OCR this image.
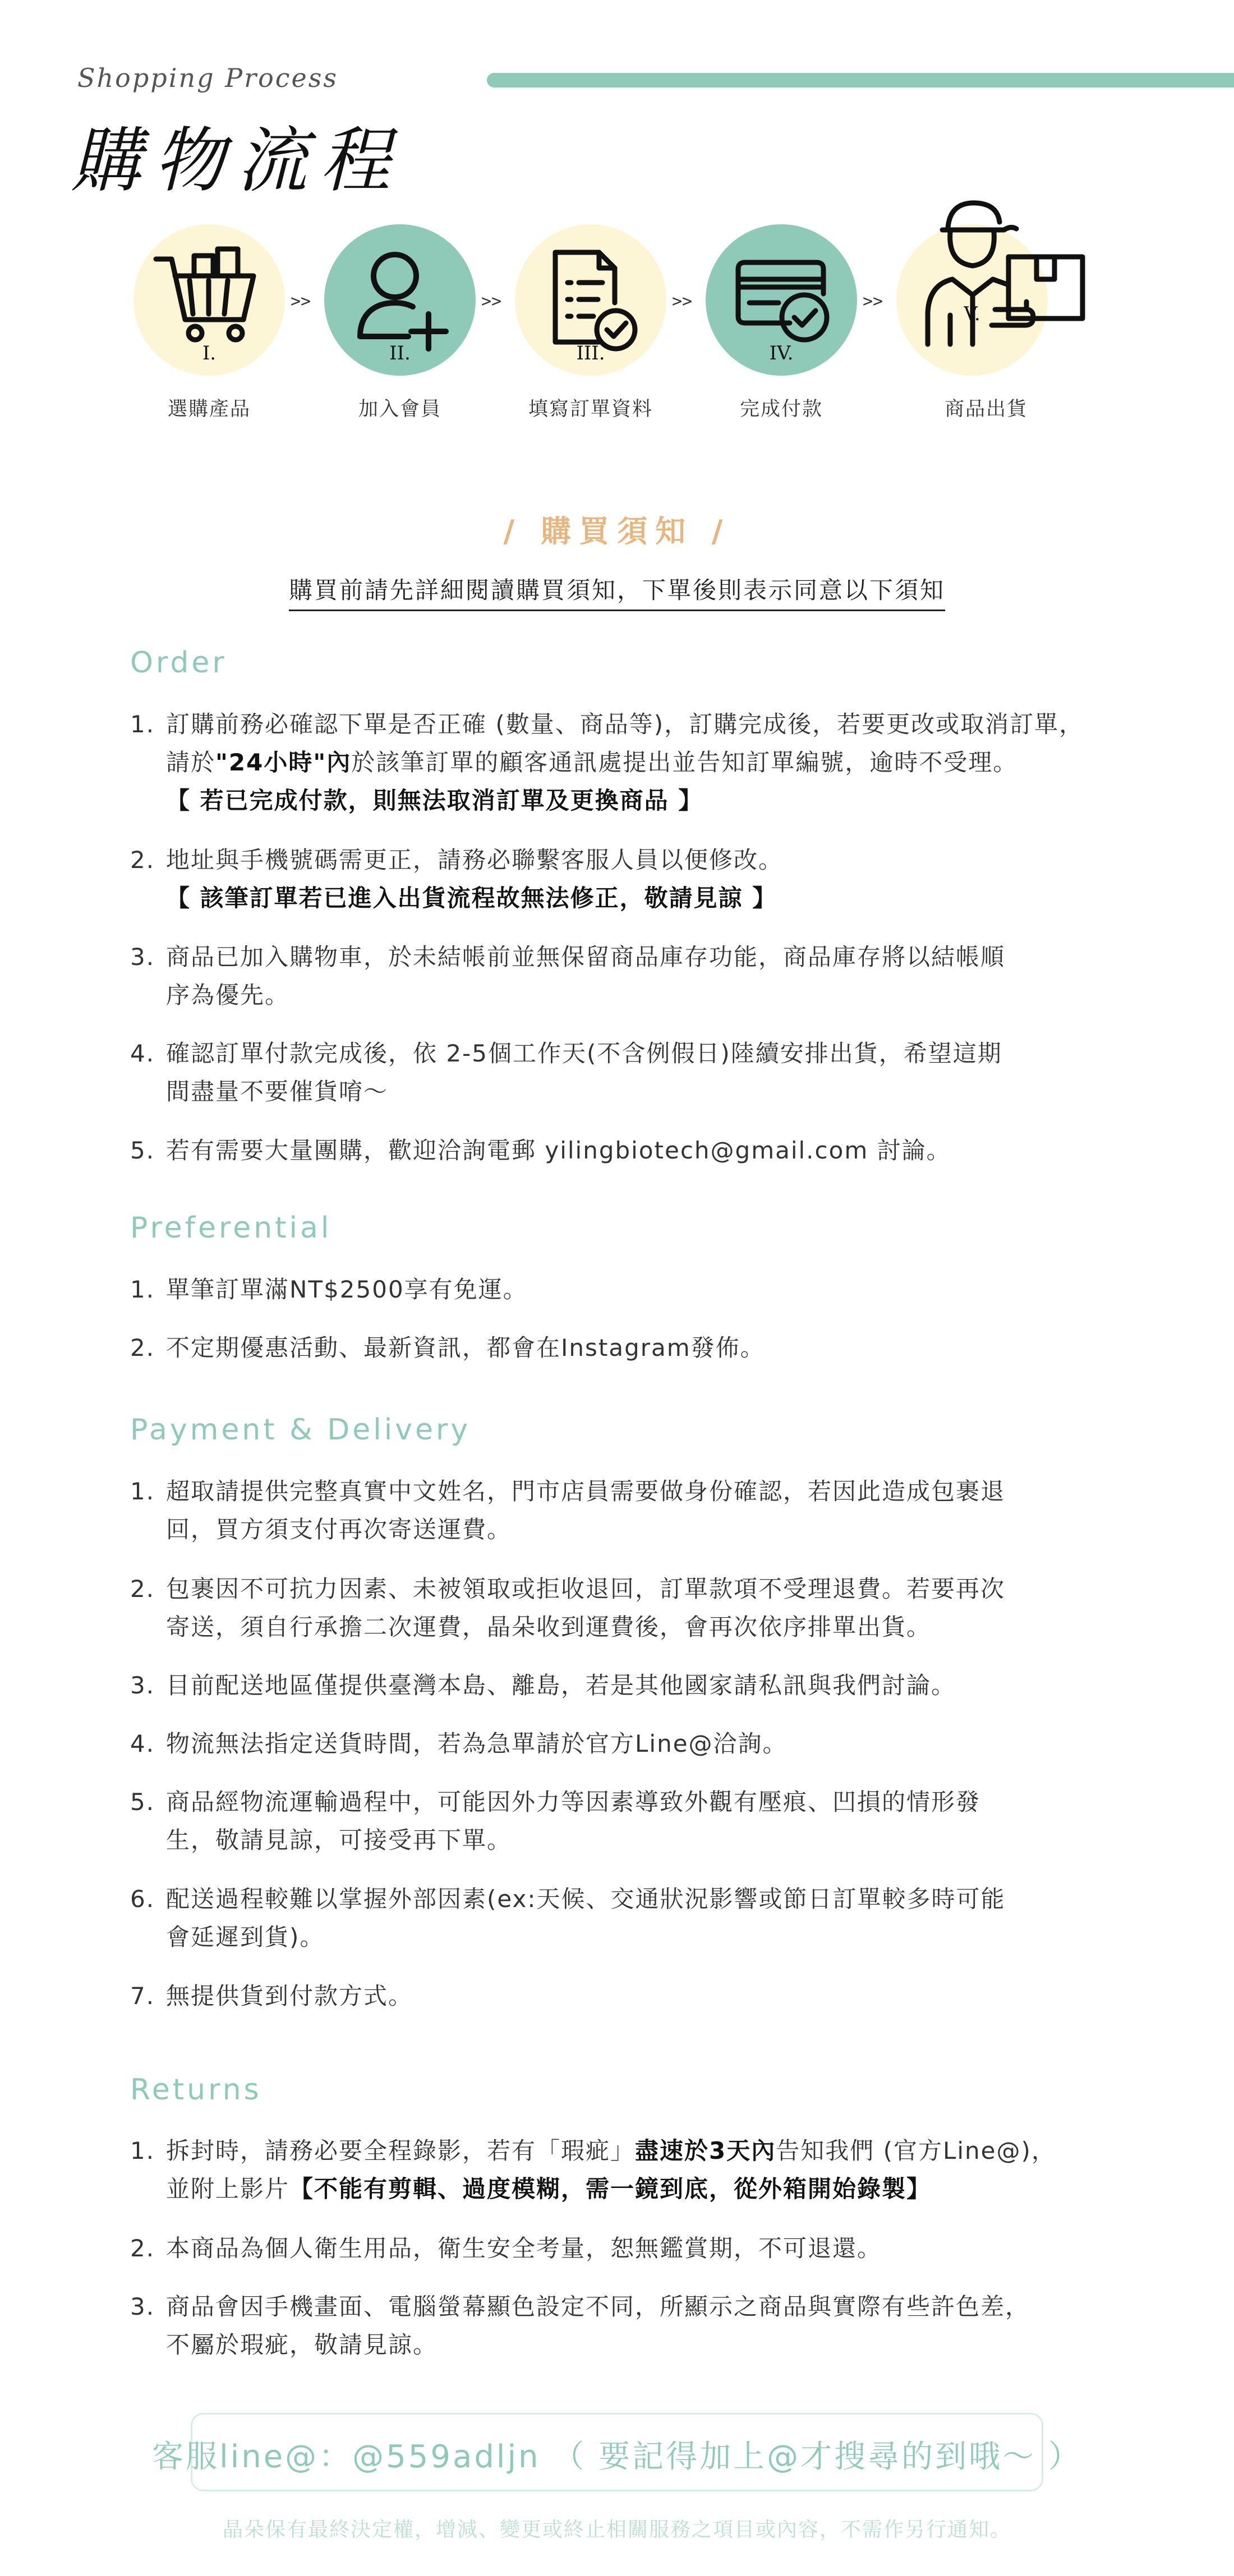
Shopping Process
購物流程
I.
>>
II.
>>
III.
>>
IV.
>>
V.
選購產品	加入會員	填寫訂單資料	完成付款	商品出貨
/ 購買須知 /
購買前請先詳細閱讀購買須知，下單後則表示同意以下須知
Order
1. 訂購前務必確認下單是否正確 (數量、商品等)，訂購完成後，若要更改或取消訂單，
請於"24小時"內於該筆訂單的顧客通訊處提出並告知訂單編號，逾時不受理。
【 若已完成付款，則無法取消訂單及更換商品 】
2. 地址與手機號碼需更正，請務必聯繫客服人員以便修改。
【 該筆訂單若已進入出貨流程故無法修正，敬請見諒 】
3. 商品已加入購物車，於未結帳前並無保留商品庫存功能，商品庫存將以結帳順
序為優先。
4. 確認訂單付款完成後，依 2-5個工作天(不含例假日)陸續安排出貨，希望這期
間盡量不要催貨唷～
5. 若有需要大量團購，歡迎洽詢電郵 yilingbiotech@gmail.com 討論。
Preferential
1. 單筆訂單滿NT$2500享有免運。
2. 不定期優惠活動、最新資訊，都會在Instagram發佈。
Payment & Delivery
1. 超取請提供完整真實中文姓名，門市店員需要做身份確認，若因此造成包裹退
回，買方須支付再次寄送運費。
2. 包裹因不可抗力因素、未被領取或拒收退回，訂單款項不受理退費。若要再次
寄送，須自行承擔二次運費，晶朵收到運費後，會再次依序排單出貨。
3. 目前配送地區僅提供臺灣本島、離島，若是其他國家請私訊與我們討論。
4. 物流無法指定送貨時間，若為急單請於官方Line@洽詢。
5. 商品經物流運輸過程中，可能因外力等因素導致外觀有壓痕、凹損的情形發
生，敬請見諒，可接受再下單。
6. 配送過程較難以掌握外部因素(ex:天候、交通狀況影響或節日訂單較多時可能
會延遲到貨)。
7. 無提供貨到付款方式。
Returns
1. 拆封時，請務必要全程錄影，若有「瑕疵」盡速於3天內告知我們 (官方Line@)，
並附上影片【不能有剪輯、過度模糊，需一鏡到底，從外箱開始錄製】
2. 本商品為個人衛生用品，衛生安全考量，恕無鑑賞期，不可退還。
3. 商品會因手機畫面、電腦螢幕顯色設定不同，所顯示之商品與實際有些許色差，
不屬於瑕疵，敬請見諒。
客服line@：@559adljn （ 要記得加上@才搜尋的到哦～ ）
晶朵保有最終決定權，增減、變更或終止相關服務之項目或內容，不需作另行通知。
